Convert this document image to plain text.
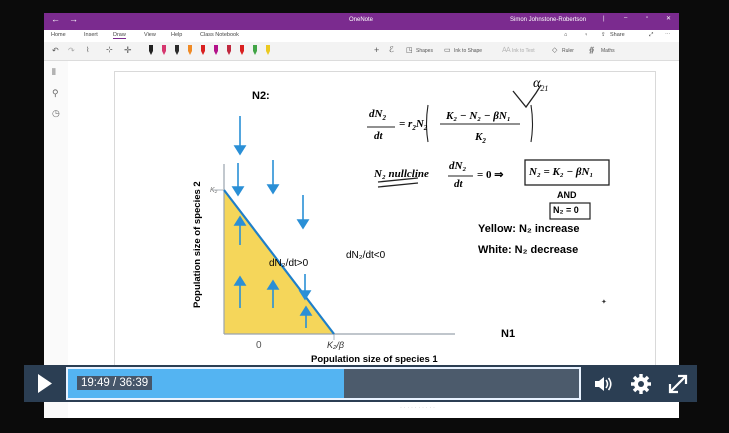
← →	OneNote	Simon Johnstone-Robertson	|	–	▫	✕
Home	Insert	Draw	View	Help	Class Notebook	⌂	♀ ⇪ Share	⤢ ⋯
↶ ↷ ⌇ ⊹ ✛	+ ℰ ◳ Shapes ▭ Ink to Shape	Ꜳ Ink to Text ◇ Ruler ∯ Maths
⫴
⚲
◷
N2:
$dN_2$
dt
= $r_2N_2$
K₂ − N₂ − βN₁
$K_2$
$\alpha_{21}$
N₂ nullcline
dN₂
dt
= 0 ⇒ N₂ = K₂ − βN₁
AND
N₂ = 0
Yellow: N₂ increase
White: N₂ decrease
Population size of species 2
Population size of species 1
K₂
0	K₂/β
N1
dN₂/dt>0
dN₂/dt<0
✦
19:49 / 36:39
· · · · · · · · · ·
